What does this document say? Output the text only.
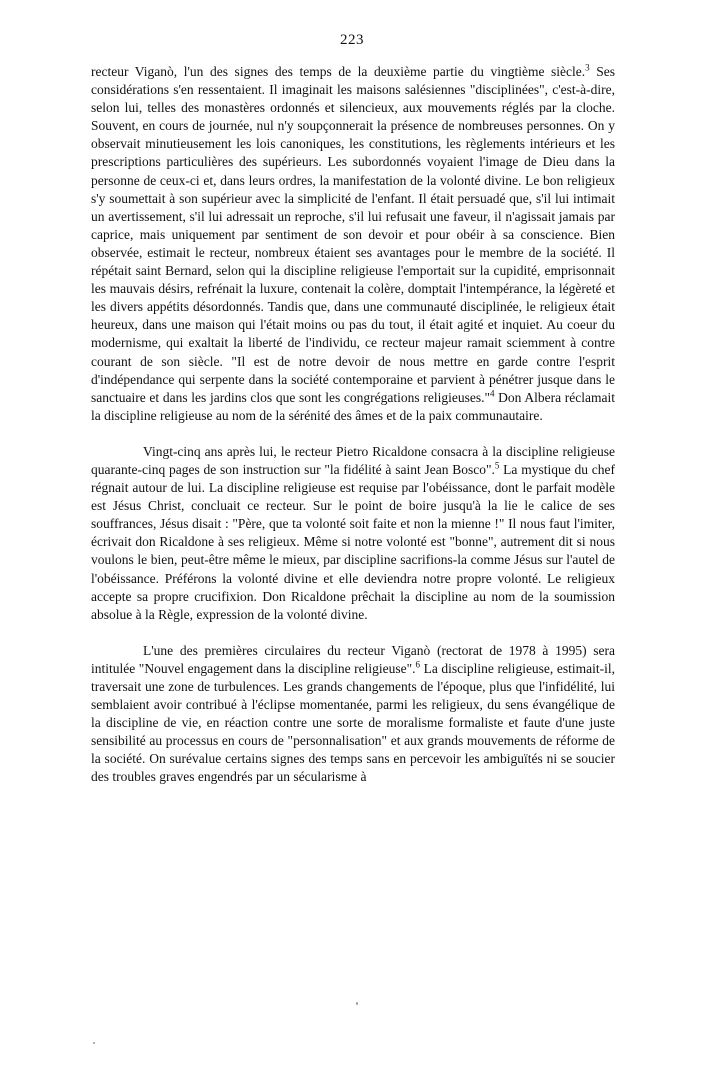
223

recteur Viganò, l'un des signes des temps de la deuxième partie du vingtième siècle.$^3$ Ses considérations s'en ressentaient. Il imaginait les maisons salésiennes "disciplinées", c'est-à-dire, selon lui, telles des monastères ordonnés et silencieux, aux mouvements réglés par la cloche. Souvent, en cours de journée, nul n'y soupçonnerait la présence de nombreuses personnes. On y observait minutieusement les lois canoniques, les constitutions, les règlements intérieurs et les prescriptions particulières des supérieurs. Les subordonnés voyaient l'image de Dieu dans la personne de ceux-ci et, dans leurs ordres, la manifestation de la volonté divine. Le bon religieux s'y soumettait à son supérieur avec la simplicité de l'enfant. Il était persuadé que, s'il lui intimait un avertissement, s'il lui adressait un reproche, s'il lui refusait une faveur, il n'agissait jamais par caprice, mais uniquement par sentiment de son devoir et pour obéir à sa conscience. Bien observée, estimait le recteur, nombreux étaient ses avantages pour le membre de la société. Il répétait saint Bernard, selon qui la discipline religieuse l'emportait sur la cupidité, emprisonnait les mauvais désirs, refrénait la luxure, contenait la colère, domptait l'intempérance, la légèreté et les divers appétits désordonnés. Tandis que, dans une communauté disciplinée, le religieux était heureux, dans une maison qui l'était moins ou pas du tout, il était agité et inquiet. Au coeur du modernisme, qui exaltait la liberté de l'individu, ce recteur majeur ramait sciemment à contre courant de son siècle. "Il est de notre devoir de nous mettre en garde contre l'esprit d'indépendance qui serpente dans la société contemporaine et parvient à pénétrer jusque dans le sanctuaire et dans les jardins clos que sont les congrégations religieuses."$^4$ Don Albera réclamait la discipline religieuse au nom de la sérénité des âmes et de la paix communautaire.

Vingt-cinq ans après lui, le recteur Pietro Ricaldone consacra à la discipline religieuse quarante-cinq pages de son instruction sur "la fidélité à saint Jean Bosco".$^5$ La mystique du chef régnait autour de lui. La discipline religieuse est requise par l'obéissance, dont le parfait modèle est Jésus Christ, concluait ce recteur. Sur le point de boire jusqu'à la lie le calice de ses souffrances, Jésus disait : "Père, que ta volonté soit faite et non la mienne !" Il nous faut l'imiter, écrivait don Ricaldone à ses religieux. Même si notre volonté est "bonne", autrement dit si nous voulons le bien, peut-être même le mieux, par discipline sacrifions-la comme Jésus sur l'autel de l'obéissance. Préférons la volonté divine et elle deviendra notre propre volonté. Le religieux accepte sa propre crucifixion. Don Ricaldone prêchait la discipline au nom de la soumission absolue à la Règle, expression de la volonté divine.

L'une des premières circulaires du recteur Viganò (rectorat de 1978 à 1995) sera intitulée "Nouvel engagement dans la discipline religieuse".$^6$ La discipline religieuse, estimait-il, traversait une zone de turbulences. Les grands changements de l'époque, plus que l'infidélité, lui semblaient avoir contribué à l'éclipse momentanée, parmi les religieux, du sens évangélique de la discipline de vie, en réaction contre une sorte de moralisme formaliste et faute d'une juste sensibilité au processus en cours de "personnalisation" et aux grands mouvements de réforme de la société. On surévalue certains signes des temps sans en percevoir les ambiguïtés ni se soucier des troubles graves engendrés par un sécularisme à
